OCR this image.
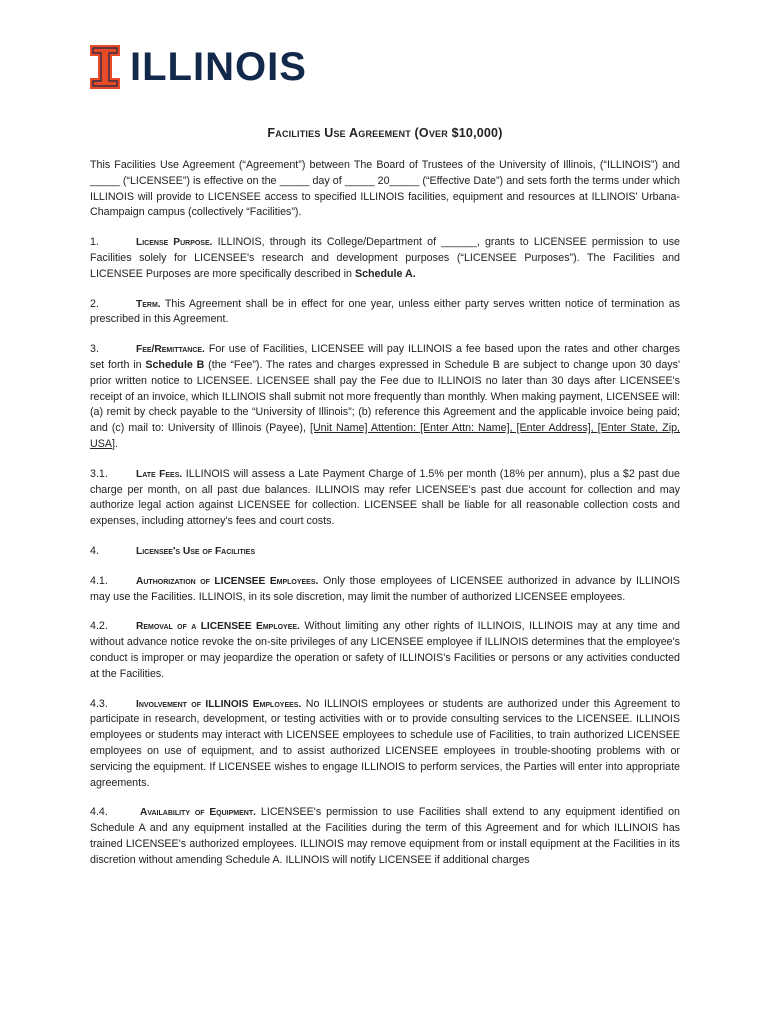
ILLINOIS
Facilities Use Agreement (Over $10,000)

This Facilities Use Agreement (“Agreement”) between The Board of Trustees of the University of Illinois, (“ILLINOIS”) and _____ (“LICENSEE”) is effective on the _____ day of _____ 20_____ (“Effective Date”) and sets forth the terms under which ILLINOIS will provide to LICENSEE access to specified ILLINOIS facilities, equipment and resources at ILLINOIS' Urbana-Champaign campus (collectively “Facilities”).

1.	License Purpose. ILLINOIS, through its College/Department of ______, grants to LICENSEE permission to use Facilities solely for LICENSEE's research and development purposes (“LICENSEE Purposes”). The Facilities and LICENSEE Purposes are more specifically described in Schedule A.

2.	Term. This Agreement shall be in effect for one year, unless either party serves written notice of termination as prescribed in this Agreement.

3.	Fee/Remittance. For use of Facilities, LICENSEE will pay ILLINOIS a fee based upon the rates and other charges set forth in Schedule B (the “Fee”). The rates and charges expressed in Schedule B are subject to change upon 30 days' prior written notice to LICENSEE. LICENSEE shall pay the Fee due to ILLINOIS no later than 30 days after LICENSEE's receipt of an invoice, which ILLINOIS shall submit not more frequently than monthly. When making payment, LICENSEE will: (a) remit by check payable to the “University of Illinois”; (b) reference this Agreement and the applicable invoice being paid; and (c) mail to: University of Illinois (Payee), [Unit Name] Attention: [Enter Attn: Name], [Enter Address], [Enter State, Zip, USA].

3.1.	Late Fees. ILLINOIS will assess a Late Payment Charge of 1.5% per month (18% per annum), plus a $2 past due charge per month, on all past due balances. ILLINOIS may refer LICENSEE's past due account for collection and may authorize legal action against LICENSEE for collection. LICENSEE shall be liable for all reasonable collection costs and expenses, including attorney's fees and court costs.

4.	Licensee's Use of Facilities

4.1.	Authorization of LICENSEE Employees. Only those employees of LICENSEE authorized in advance by ILLINOIS may use the Facilities. ILLINOIS, in its sole discretion, may limit the number of authorized LICENSEE employees.

4.2.	Removal of a LICENSEE Employee. Without limiting any other rights of ILLINOIS, ILLINOIS may at any time and without advance notice revoke the on-site privileges of any LICENSEE employee if ILLINOIS determines that the employee's conduct is improper or may jeopardize the operation or safety of ILLINOIS's Facilities or persons or any activities conducted at the Facilities.

4.3.	Involvement of ILLINOIS Employees. No ILLINOIS employees or students are authorized under this Agreement to participate in research, development, or testing activities with or to provide consulting services to the LICENSEE. ILLINOIS employees or students may interact with LICENSEE employees to schedule use of Facilities, to train authorized LICENSEE employees on use of equipment, and to assist authorized LICENSEE employees in trouble-shooting problems with or servicing the equipment. If LICENSEE wishes to engage ILLINOIS to perform services, the Parties will enter into appropriate agreements.

4.4.	Availability of Equipment. LICENSEE's permission to use Facilities shall extend to any equipment identified on Schedule A and any equipment installed at the Facilities during the term of this Agreement and for which ILLINOIS has trained LICENSEE's authorized employees. ILLINOIS may remove equipment from or install equipment at the Facilities in its discretion without amending Schedule A. ILLINOIS will notify LICENSEE if additional charges
